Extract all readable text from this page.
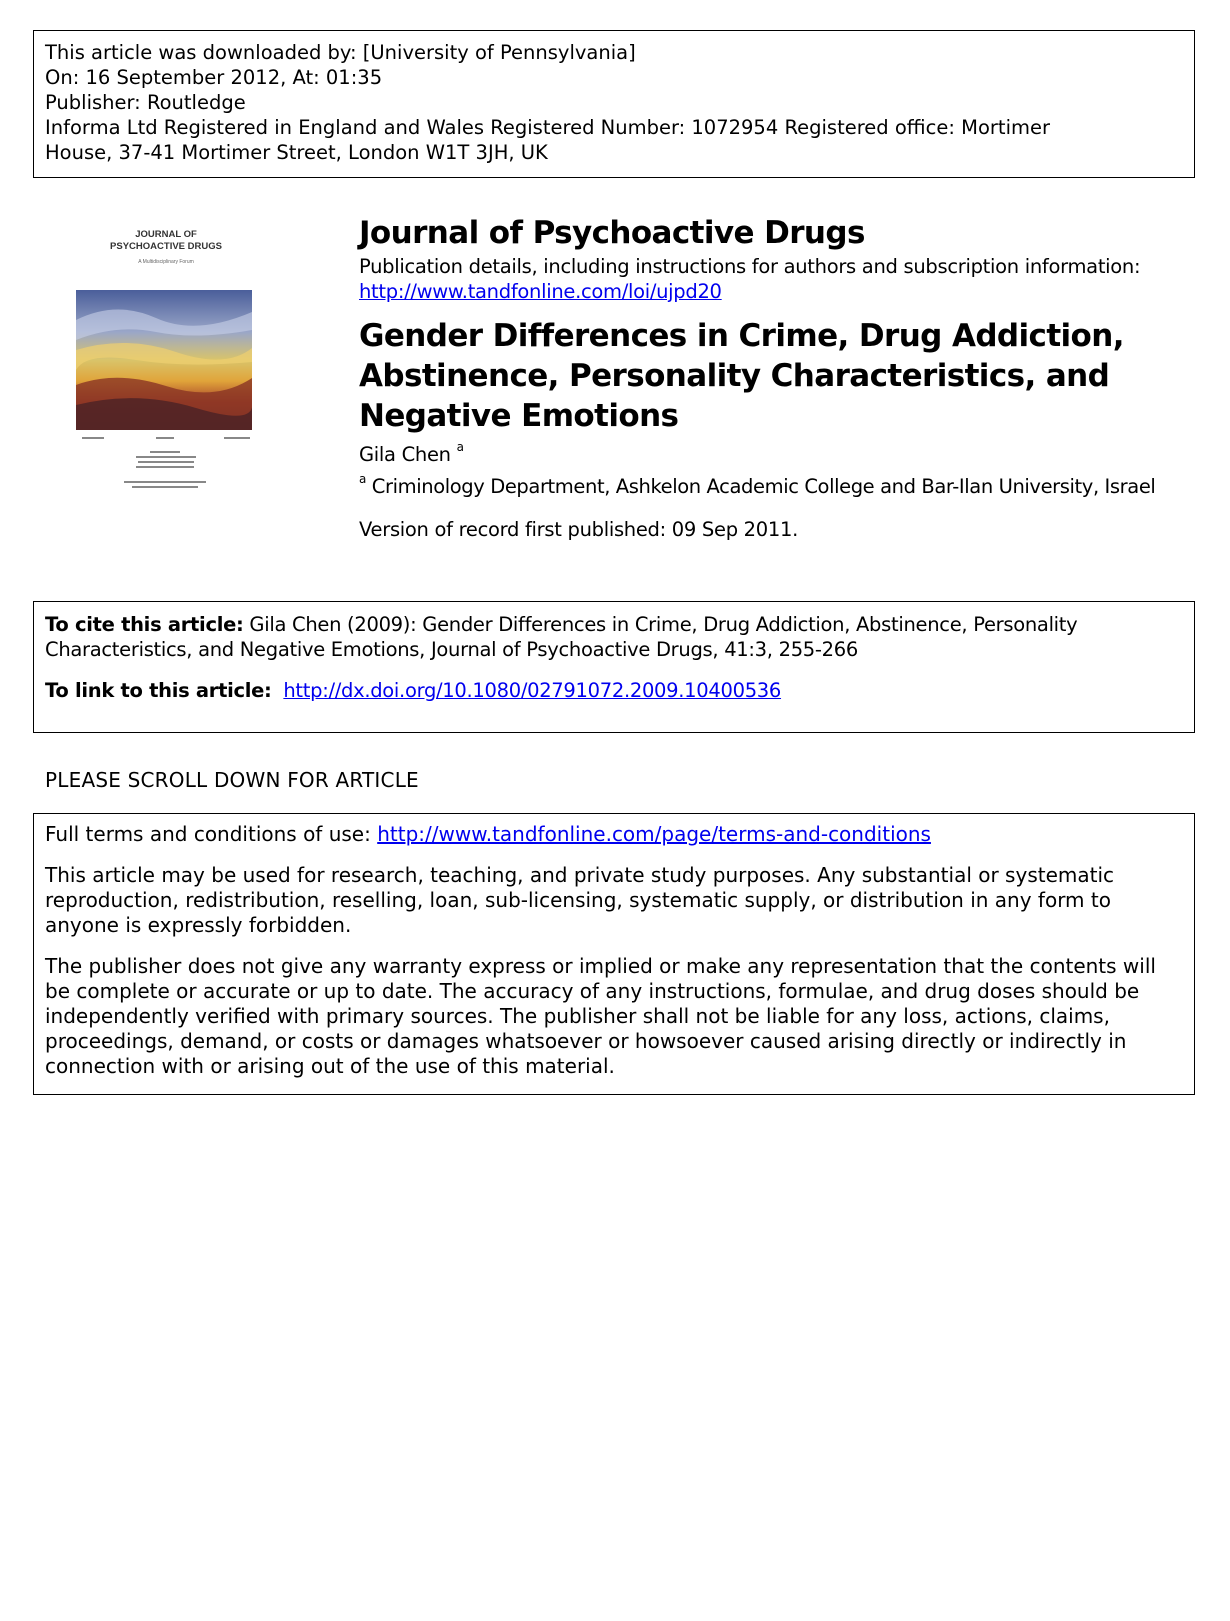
This article was downloaded by: [University of Pennsylvania]
On: 16 September 2012, At: 01:35
Publisher: Routledge
Informa Ltd Registered in England and Wales Registered Number: 1072954 Registered office: Mortimer
House, 37-41 Mortimer Street, London W1T 3JH, UK
JOURNAL OF
PSYCHOACTIVE DRUGS
A Multidisciplinary Forum
Journal of Psychoactive Drugs
Publication details, including instructions for authors and subscription information:
http://www.tandfonline.com/loi/ujpd20
Gender Differences in Crime, Drug Addiction, Abstinence, Personality Characteristics, and Negative Emotions
Gila Chen $^a$
$^a$ Criminology Department, Ashkelon Academic College and Bar-Ilan University, Israel
Version of record first published: 09 Sep 2011.
To cite this article: Gila Chen (2009): Gender Differences in Crime, Drug Addiction, Abstinence, Personality Characteristics, and Negative Emotions, Journal of Psychoactive Drugs, 41:3, 255-266
To link to this article: http://dx.doi.org/10.1080/02791072.2009.10400536
PLEASE SCROLL DOWN FOR ARTICLE

Full terms and conditions of use: http://www.tandfonline.com/page/terms-and-conditions

This article may be used for research, teaching, and private study purposes. Any substantial or systematic reproduction, redistribution, reselling, loan, sub-licensing, systematic supply, or distribution in any form to anyone is expressly forbidden.

The publisher does not give any warranty express or implied or make any representation that the contents will be complete or accurate or up to date. The accuracy of any instructions, formulae, and drug doses should be independently verified with primary sources. The publisher shall not be liable for any loss, actions, claims, proceedings, demand, or costs or damages whatsoever or howsoever caused arising directly or indirectly in connection with or arising out of the use of this material.
